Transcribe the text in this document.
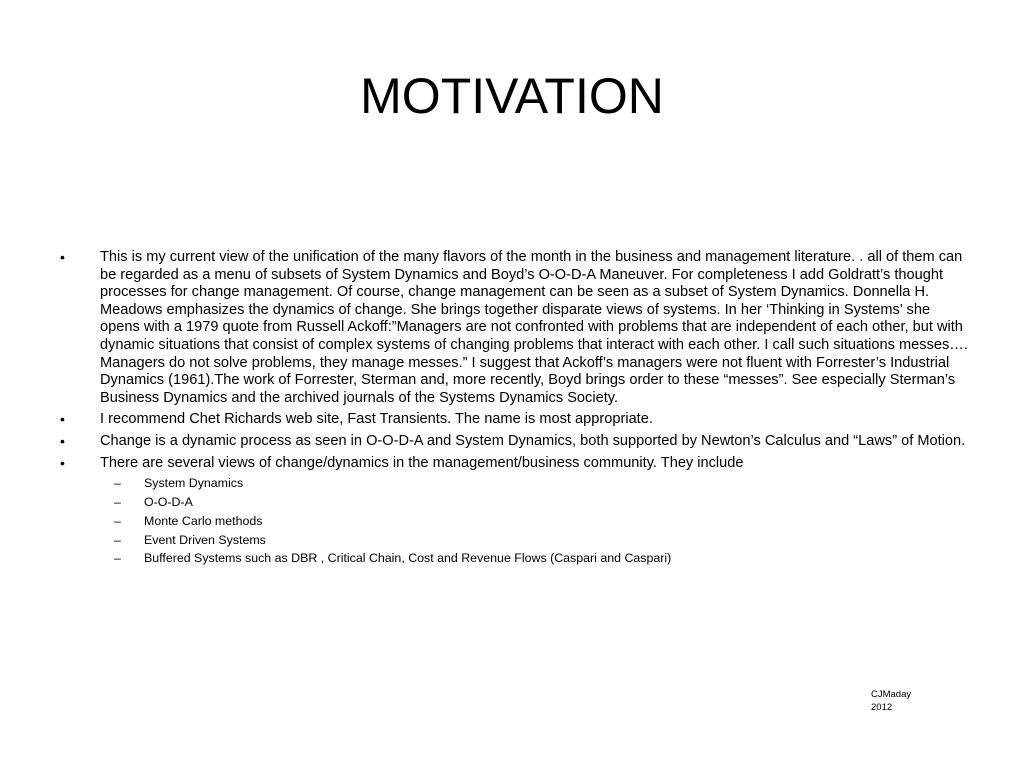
MOTIVATION
• This is my current view of the unification of the many flavors of the month in the business and management literature. . all of them can be regarded as a menu of subsets of System Dynamics and Boyd’s O-O-D-A Maneuver. For completeness I add Goldratt’s thought processes for change management. Of course, change management can be seen as a subset of System Dynamics. Donnella H. Meadows emphasizes the dynamics of change. She brings together disparate views of systems. In her ‘Thinking in Systems’ she opens with a 1979 quote from Russell Ackoff:”Managers are not confronted with problems that are independent of each other, but with dynamic situations that consist of complex systems of changing problems that interact with each other. I call such situations messes…. Managers do not solve problems, they manage messes.” I suggest that Ackoff’s managers were not fluent with Forrester’s Industrial Dynamics (1961).The work of Forrester, Sterman and, more recently, Boyd brings order to these “messes”. See especially Sterman’s Business Dynamics and the archived journals of the Systems Dynamics Society.
• I recommend Chet Richards web site, Fast Transients. The name is most appropriate.
• Change is a dynamic process as seen in O-O-D-A and System Dynamics, both supported by Newton’s Calculus and “Laws” of Motion.
• There are several views of change/dynamics in the management/business community. They include
– System Dynamics
– O-O-D-A
– Monte Carlo methods
– Event Driven Systems
– Buffered Systems such as DBR , Critical Chain, Cost and Revenue Flows (Caspari and Caspari)
CJMaday
2012
